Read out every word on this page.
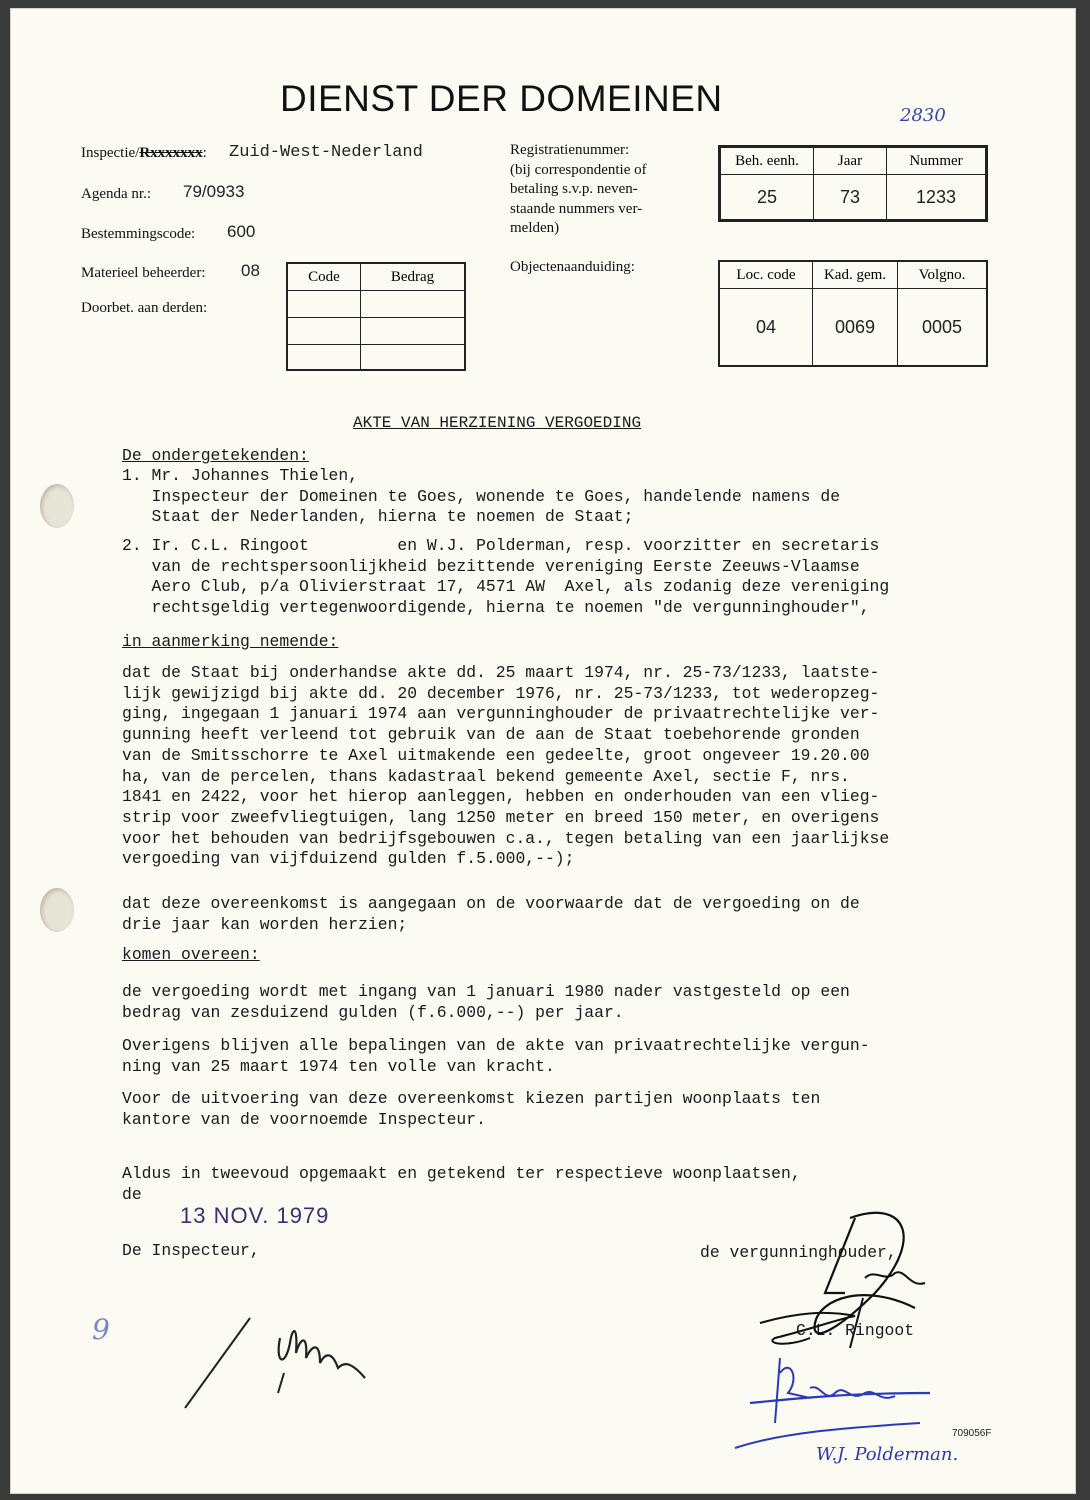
DIENST DER DOMEINEN	2830
Inspectie/Rxxxxxxx: Zuid-West-Nederland
Agenda nr.: 79/0933
Bestemmingscode: 600
Materieel beheerder: 08
Doorbet. aan derden:
Code	Bedrag

Registratienummer:
(bij correspondentie of
betaling s.v.p. neven-
staande nummers ver-
melden)
Beh. eenh.	Jaar	Nummer
25	73	1233
Objectenaanduiding:	Loc. code	Kad. gem.	Volgno.
04	0069	0005
AKTE VAN HERZIENING VERGOEDING
De ondergetekenden:
1. Mr. Johannes Thielen,
Inspecteur der Domeinen te Goes, wonende te Goes, handelende namens de
Staat der Nederlanden, hierna te noemen de Staat;
2. Ir. C.L. Ringoot         en W.J. Polderman, resp. voorzitter en secretaris
van de rechtspersoonlijkheid bezittende vereniging Eerste Zeeuws-Vlaamse
Aero Club, p/a Olivierstraat 17, 4571 AW  Axel, als zodanig deze vereniging
rechtsgeldig vertegenwoordigende, hierna te noemen "de vergunninghouder",
in aanmerking nemende:
dat de Staat bij onderhandse akte dd. 25 maart 1974, nr. 25-73/1233, laatste-
lijk gewijzigd bij akte dd. 20 december 1976, nr. 25-73/1233, tot wederopzeg-
ging, ingegaan 1 januari 1974 aan vergunninghouder de privaatrechtelijke ver-
gunning heeft verleend tot gebruik van de aan de Staat toebehorende gronden
van de Smitsschorre te Axel uitmakende een gedeelte, groot ongeveer 19.20.00
ha, van de percelen, thans kadastraal bekend gemeente Axel, sectie F, nrs.
1841 en 2422, voor het hierop aanleggen, hebben en onderhouden van een vlieg-
strip voor zweefvliegtuigen, lang 1250 meter en breed 150 meter, en overigens
voor het behouden van bedrijfsgebouwen c.a., tegen betaling van een jaarlijkse
vergoeding van vijfduizend gulden f.5.000,--);
dat deze overeenkomst is aangegaan on de voorwaarde dat de vergoeding on de
drie jaar kan worden herzien;
komen overeen:
de vergoeding wordt met ingang van 1 januari 1980 nader vastgesteld op een
bedrag van zesduizend gulden (f.6.000,--) per jaar.
Overigens blijven alle bepalingen van de akte van privaatrechtelijke vergun-
ning van 25 maart 1974 ten volle van kracht.
Voor de uitvoering van deze overeenkomst kiezen partijen woonplaats ten
kantore van de voornoemde Inspecteur.
Aldus in tweevoud opgemaakt en getekend ter respectieve woonplaatsen,
de
13 NOV. 1979
De Inspecteur,	de vergunninghouder,
C.L. Ringoot
709056F
W.J. Polderman.
9
